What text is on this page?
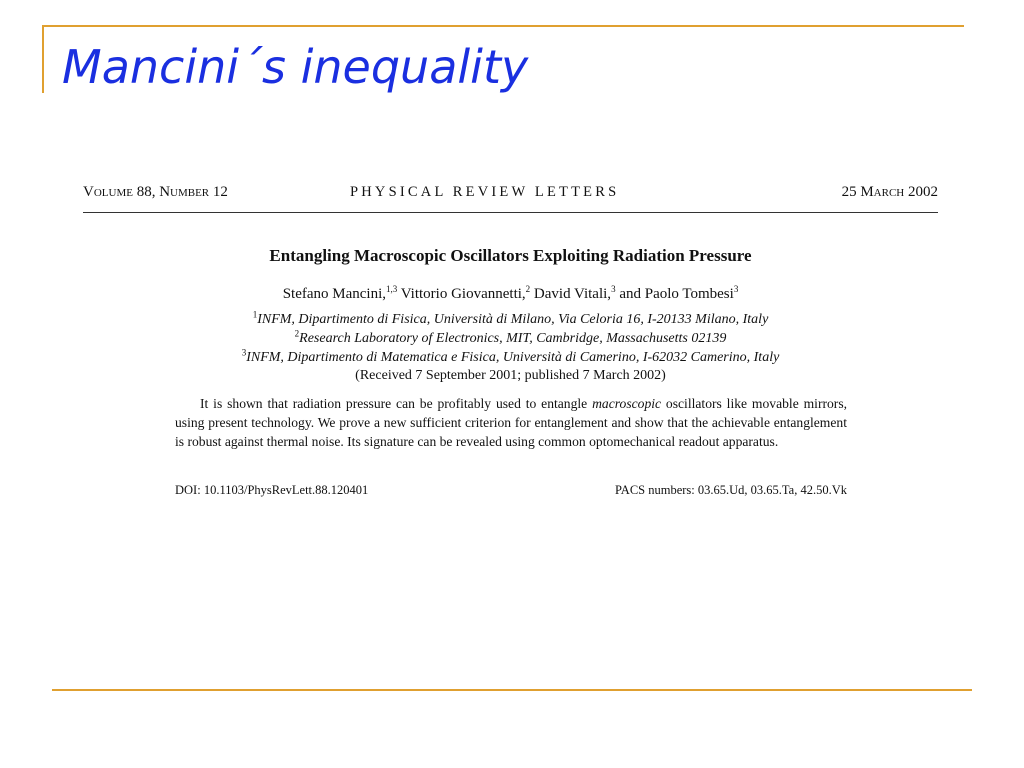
Mancini´s inequality
Volume 88, Number 12	PHYSICAL REVIEW LETTERS	25 March 2002
Entangling Macroscopic Oscillators Exploiting Radiation Pressure
Stefano Mancini,$^{1,3}$ Vittorio Giovannetti,$^2$ David Vitali,$^3$ and Paolo Tombesi$^3$
$^1$INFM, Dipartimento di Fisica, Università di Milano, Via Celoria 16, I-20133 Milano, Italy
$^2$Research Laboratory of Electronics, MIT, Cambridge, Massachusetts 02139
$^3$INFM, Dipartimento di Matematica e Fisica, Università di Camerino, I-62032 Camerino, Italy
(Received 7 September 2001; published 7 March 2002)

It is shown that radiation pressure can be profitably used to entangle macroscopic oscillators like movable mirrors, using present technology. We prove a new sufficient criterion for entanglement and show that the achievable entanglement is robust against thermal noise. Its signature can be revealed using common optomechanical readout apparatus.

DOI: 10.1103/PhysRevLett.88.120401	PACS numbers: 03.65.Ud, 03.65.Ta, 42.50.Vk
